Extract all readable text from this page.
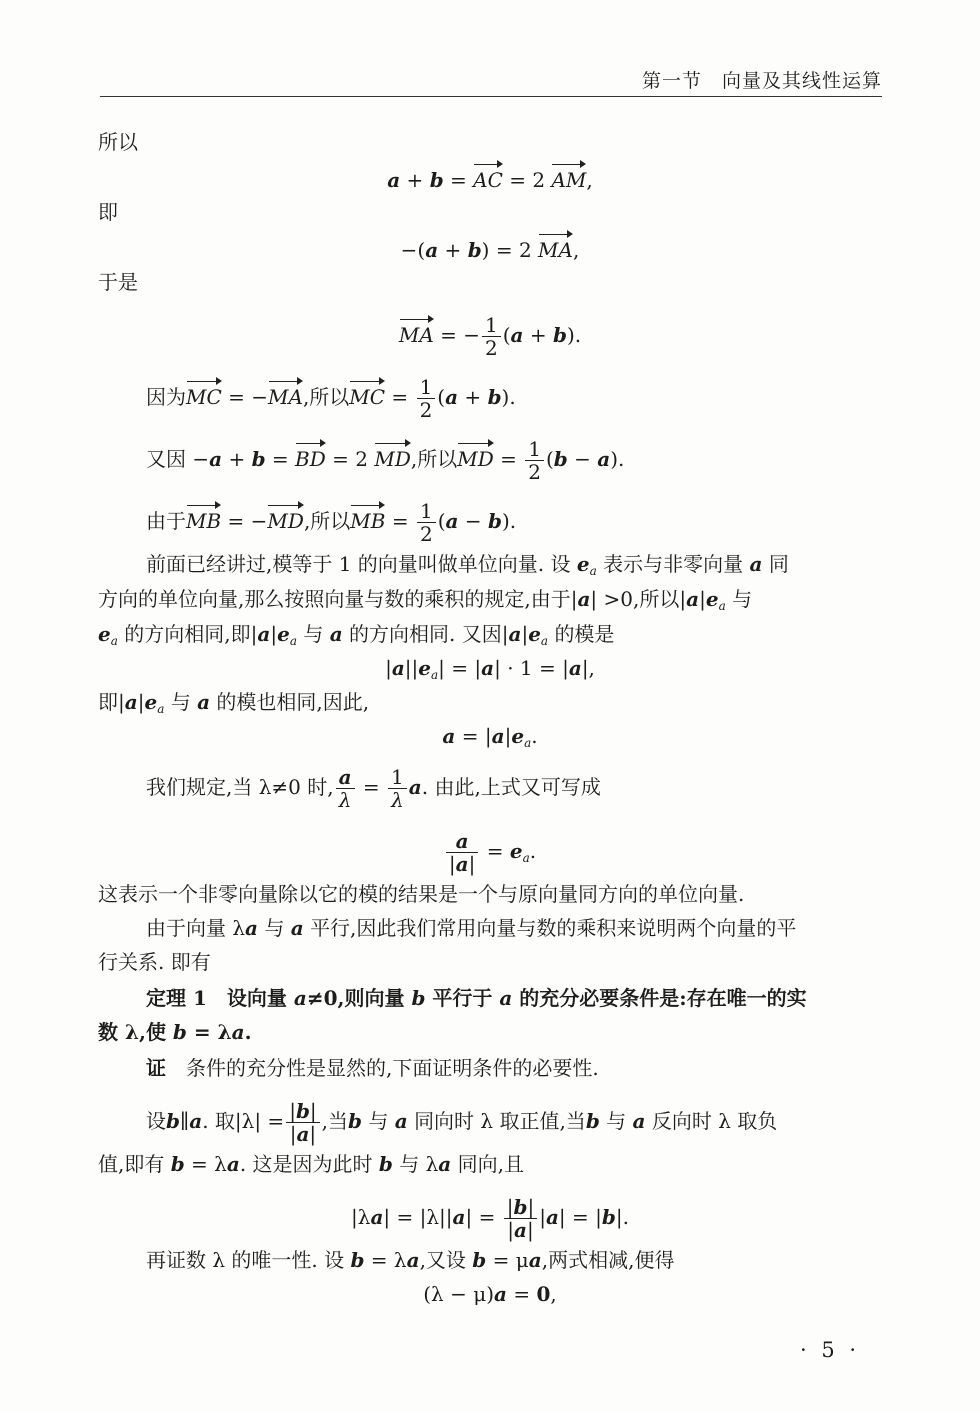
第一节　向量及其线性运算
所以
a + b = AC = 2 AM,
即
−(a + b) = 2 MA,
于是
MA = − $\frac{1}{2} (a + b)$.
因为MC = −MA,所以MC = $\frac{1}{2} (a + b)$.
又因 −a + b = BD = 2 MD,所以MD = $\frac{1}{2} (b - a)$.
由于MB = −MD,所以MB = $\frac{1}{2} (a - b)$.
前面已经讲过,模等于 1 的向量叫做单位向量. 设 $e_a$ 表示与非零向量 a 同
方向的单位向量,那么按照向量与数的乘积的规定,由于|a| >0,所以$|a|e_a$ 与
$e_a$ 的方向相同,即$|a|e_a$ 与 a 的方向相同. 又因$|a|e_a$ 的模是
$|a||e_a| = |a| \cdot 1 = |a|$,
即$|a|e_a$ 与 a 的模也相同,因此,
$a = |a|e_a$.
我们规定,当 λ≠0 时, $\frac{a}{\lambda} = \frac{1}{\lambda} a$. 由此,上式又可写成
$\frac{a}{|a|} = e_a$.
这表示一个非零向量除以它的模的结果是一个与原向量同方向的单位向量.
由于向量 λa 与 a 平行,因此我们常用向量与数的乘积来说明两个向量的平
行关系. 即有
定理 1　 设向量 a≠0,则向量 b 平行于 a 的充分必要条件是:存在唯一的实
数 λ,使 b = λa.
证　 条件的充分性是显然的,下面证明条件的必要性.
设b∥a. 取$|\lambda| = \frac{|b|}{|a|}$ ,当b 与 a 同向时 λ 取正值,当b 与 a 反向时 λ 取负
值,即有 b = λa. 这是因为此时 b 与 λa 同向,且
$|\lambda a| = |\lambda||a| = \frac{|b|}{|a|} |a| = |b|$.
再证数 λ 的唯一性. 设 b = λa,又设 b = μa,两式相减,便得
(λ − μ)a = 0,
· 5 ·
